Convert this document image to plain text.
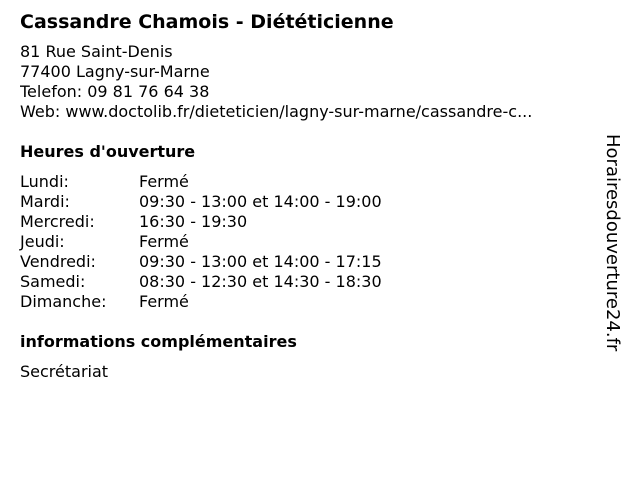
Cassandre Chamois - Diététicienne
81 Rue Saint-Denis
77400 Lagny-sur-Marne
Telefon: 09 81 76 64 38
Web: www.doctolib.fr/dieteticien/lagny-sur-marne/cassandre-c...
Heures d'ouverture
Lundi:	Fermé
Mardi:	09:30 - 13:00 et 14:00 - 19:00
Mercredi:	16:30 - 19:30
Jeudi:	Fermé
Vendredi:	09:30 - 13:00 et 14:00 - 17:15
Samedi:	08:30 - 12:30 et 14:30 - 18:30
Dimanche:	Fermé
informations complémentaires
Secrétariat
Horairesdouverture24.fr
